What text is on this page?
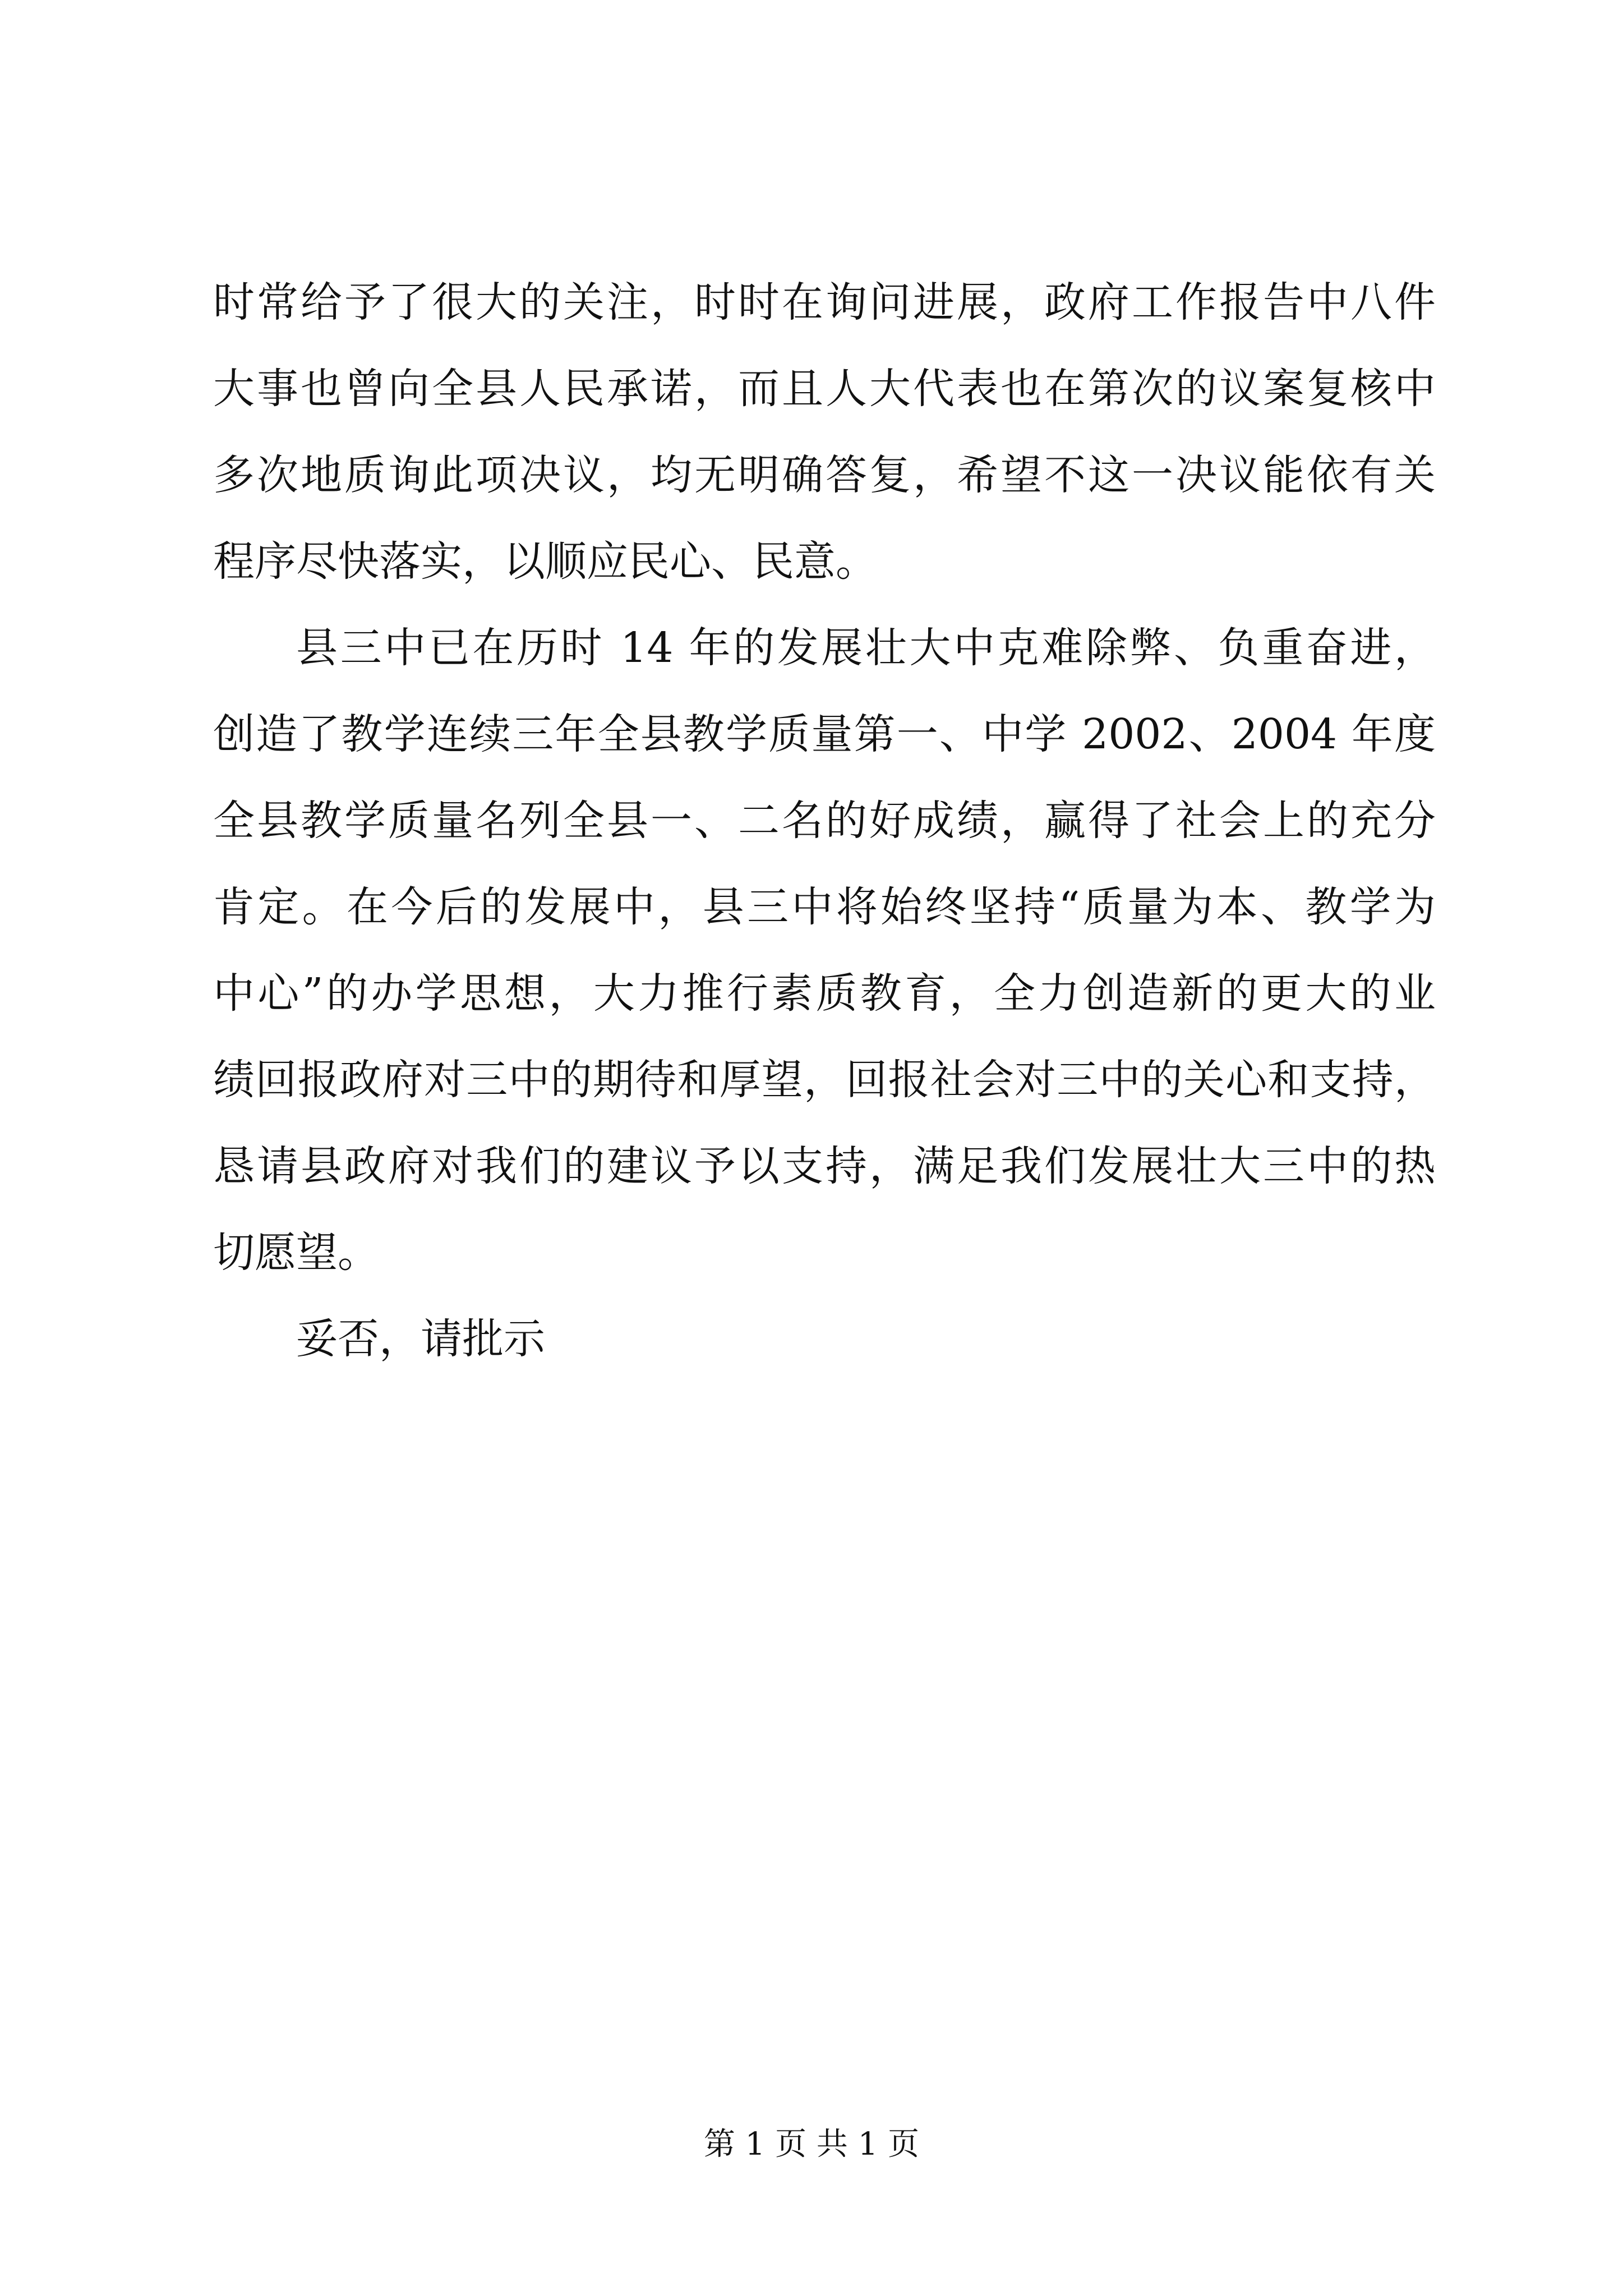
时常给予了很大的关注，时时在询问进展，政府工作报告中八件
大事也曾向全县人民承诺，而且人大代表也在第次的议案复核中
多次地质询此项决议，均无明确答复，希望不这一决议能依有关
程序尽快落实，以顺应民心、民意。
县三中已在历时 14 年的发展壮大中克难除弊、负重奋进，
创造了教学连续三年全县教学质量第一、中学 2002、2004 年度
全县教学质量名列全县一、二名的好成绩，赢得了社会上的充分
肯定。在今后的发展中，县三中将始终坚持“质量为本、教学为
中心”的办学思想，大力推行素质教育，全力创造新的更大的业
绩回报政府对三中的期待和厚望，回报社会对三中的关心和支持，
恳请县政府对我们的建议予以支持，满足我们发展壮大三中的热
切愿望。
妥否，请批示
第 1 页 共 1 页
